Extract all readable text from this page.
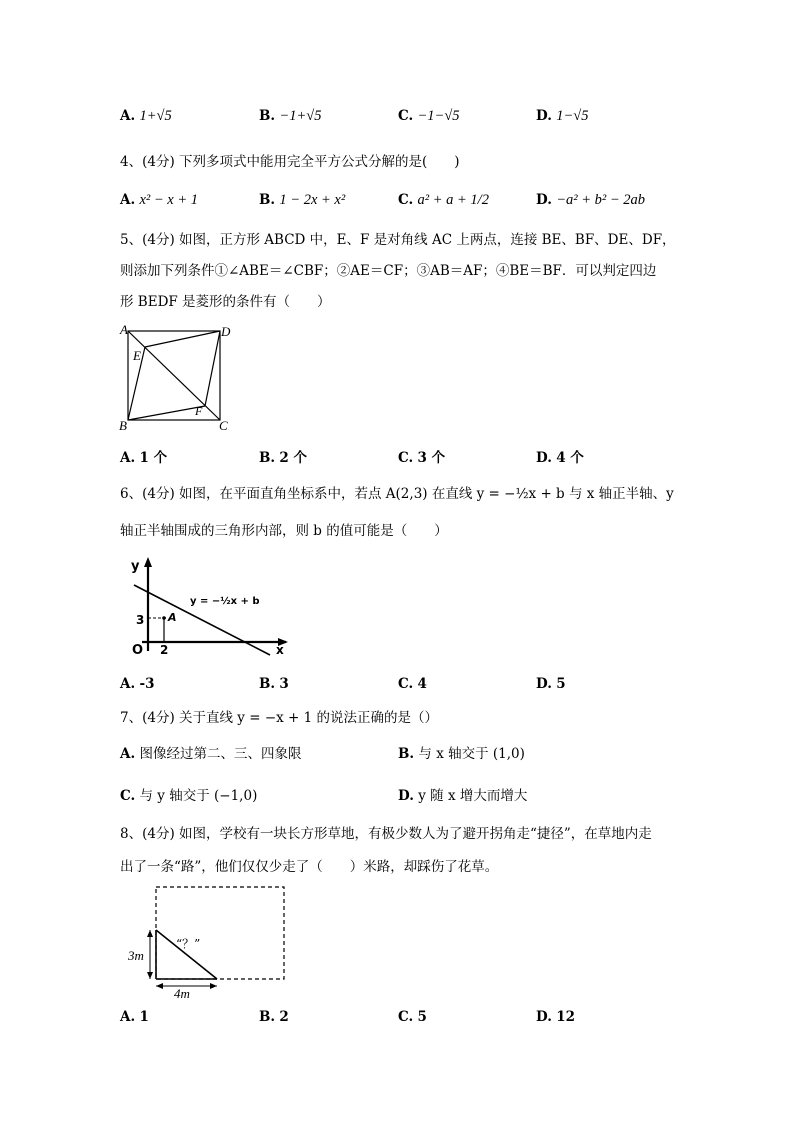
A. 1+√5	B. −1+√5	C. −1−√5	D. 1−√5
4、(4分) 下列多项式中能用完全平方公式分解的是(　　)
A. x² − x + 1	B. 1 − 2x + x²	C. a² + a + 1/2	D. −a² + b² − 2ab
5、(4分) 如图，正方形 ABCD 中，E、F 是对角线 AC 上两点，连接 BE、BF、DE、DF，
则添加下列条件①∠ABE＝∠CBF；②AE＝CF；③AB＝AF；④BE＝BF．可以判定四边
形 BEDF 是菱形的条件有（　　）
A	D
E
F
B	C
A. 1 个	B. 2 个	C. 3 个	D. 4 个
6、(4分) 如图，在平面直角坐标系中，若点 A(2,3) 在直线 y = −½x + b 与 x 轴正半轴、y
轴正半轴围成的三角形内部，则 b 的值可能是（　　）
y
x
O
3
2
A
y = −½x + b
A. -3	B. 3	C. 4	D. 5
7、(4分) 关于直线 y = −x + 1 的说法正确的是（）
A. 图像经过第二、三、四象限	B. 与 x 轴交于 (1,0)
C. 与 y 轴交于 (−1,0)	D. y 随 x 增大而增大
8、(4分) 如图，学校有一块长方形草地，有极少数人为了避开拐角走“捷径”，在草地内走
出了一条“路”，他们仅仅少走了（　　）米路，却踩伤了花草。
3m
4m
“？”
A. 1	B. 2	C. 5	D. 12
